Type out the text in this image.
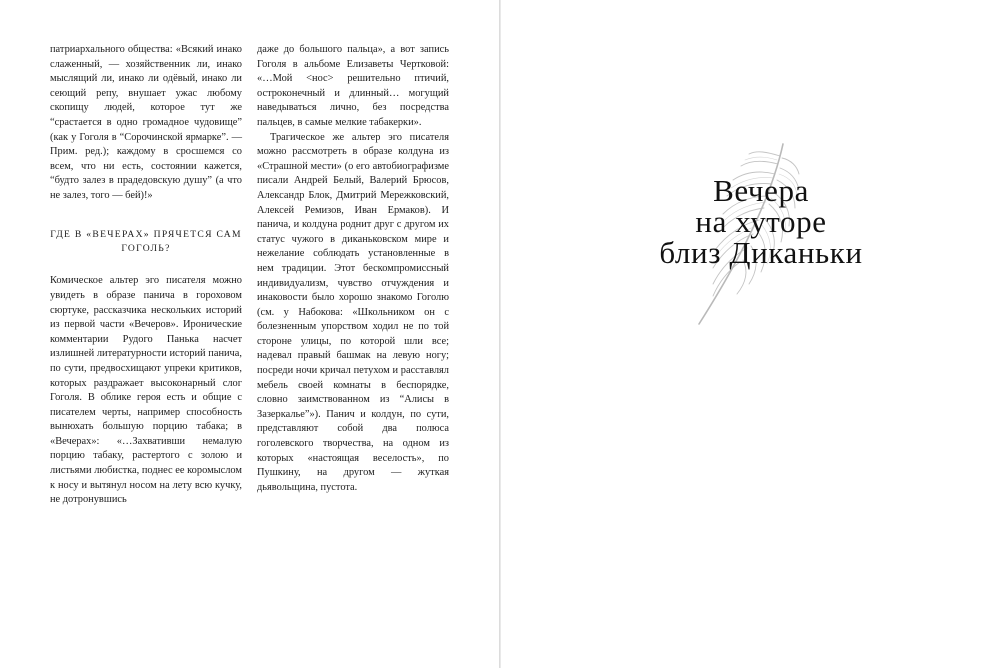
патриархального общества: «Всякий инако слаженный, — хозяйственник ли, инако мыслящий ли, инако ли одёвый, инако ли сеющий репу, внушает ужас любому скопищу людей, которое тут же “срастается в одно громадное чудовище” (как у Гоголя в “Сорочинской ярмарке”. — Прим. ред.); каждому в сросшемся со всем, что ни есть, состоянии кажется, “будто залез в прадедовскую душу” (а что не залез, того — бей)!»

ГДЕ В «ВЕЧЕРАХ» ПРЯЧЕТСЯ САМ ГОГОЛЬ?

Комическое альтер эго писателя можно увидеть в образе панича в гороховом сюртуке, рассказчика нескольких историй из первой части «Вечеров». Иронические комментарии Рудого Панька насчет излишней литературности историй панича, по сути, предвосхищают упреки критиков, которых раздражает высоконарный слог Гоголя. В облике героя есть и общие с писателем черты, например способность вынюхать большую порцию табака; в «Вечерах»: «…Захвативши немалую порцию табаку, растертого с золою и листьями любистка, поднес ее коромыслом к носу и вытянул носом на лету всю кучку, не дотронувшись

даже до большого пальца», а вот запись Гоголя в альбоме Елизаветы Чертковой: «…Мой <нос> решительно птичий, остроконечный и длинный… могущий наведываться лично, без посредства пальцев, в самые мелкие табакерки».

Трагическое же альтер эго писателя можно рассмотреть в образе колдуна из «Страшной мести» (о его автобиографизме писали Андрей Белый, Валерий Брюсов, Александр Блок, Дмитрий Мережковский, Алексей Ремизов, Иван Ермаков). И панича, и колдуна роднит друг с другом их статус чужого в диканьковском мире и нежелание соблюдать установленные в нем традиции. Этот бескомпромиссный индивидуализм, чувство отчуждения и инаковости было хорошо знакомо Гоголю (см. у Набокова: «Школьником он с болезненным упорством ходил не по той стороне улицы, по которой шли все; надевал правый башмак на левую ногу; посреди ночи кричал петухом и расставлял мебель своей комнаты в беспорядке, словно заимствованном из “Алисы в Зазеркалье”»). Панич и колдун, по сути, представляют собой два полюса гоголевского творчества, на одном из которых «настоящая веселость», по Пушкину, на другом — жуткая дьявольщина, пустота.

Вечера
на хуторе
близ Диканьки
